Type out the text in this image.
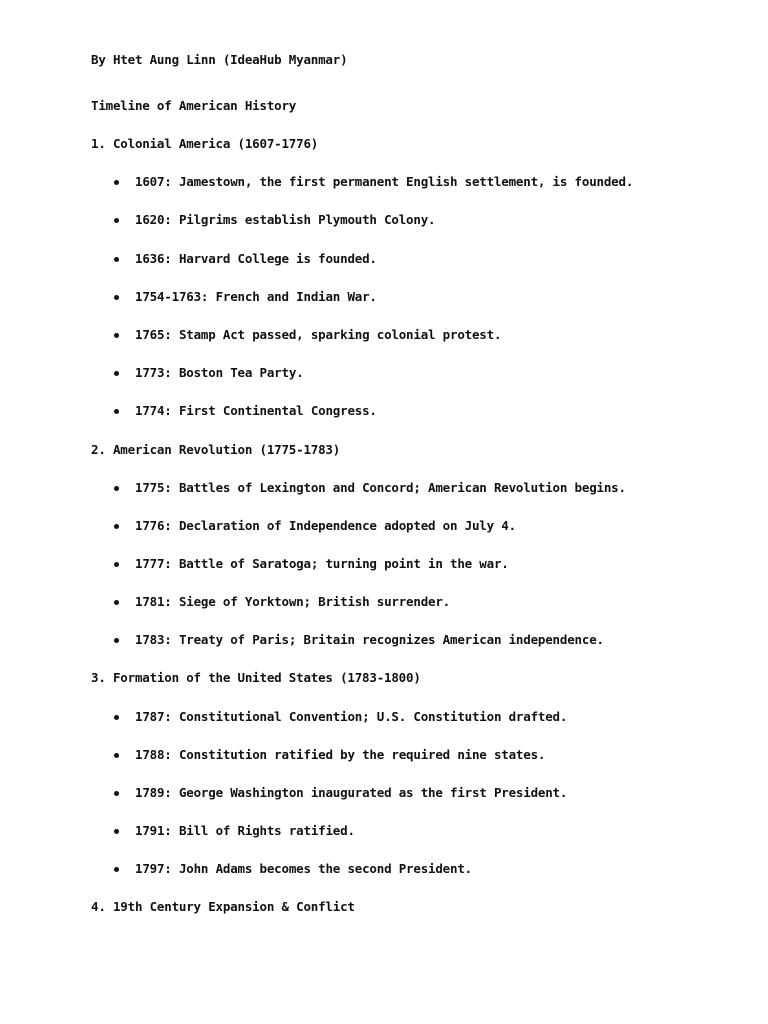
By Htet Aung Linn (IdeaHub Myanmar)
Timeline of American History
1. Colonial America (1607-1776)
1607: Jamestown, the first permanent English settlement, is founded.
1620: Pilgrims establish Plymouth Colony.
1636: Harvard College is founded.
1754-1763: French and Indian War.
1765: Stamp Act passed, sparking colonial protest.
1773: Boston Tea Party.
1774: First Continental Congress.
2. American Revolution (1775-1783)
1775: Battles of Lexington and Concord; American Revolution begins.
1776: Declaration of Independence adopted on July 4.
1777: Battle of Saratoga; turning point in the war.
1781: Siege of Yorktown; British surrender.
1783: Treaty of Paris; Britain recognizes American independence.
3. Formation of the United States (1783-1800)
1787: Constitutional Convention; U.S. Constitution drafted.
1788: Constitution ratified by the required nine states.
1789: George Washington inaugurated as the first President.
1791: Bill of Rights ratified.
1797: John Adams becomes the second President.
4. 19th Century Expansion & Conflict
